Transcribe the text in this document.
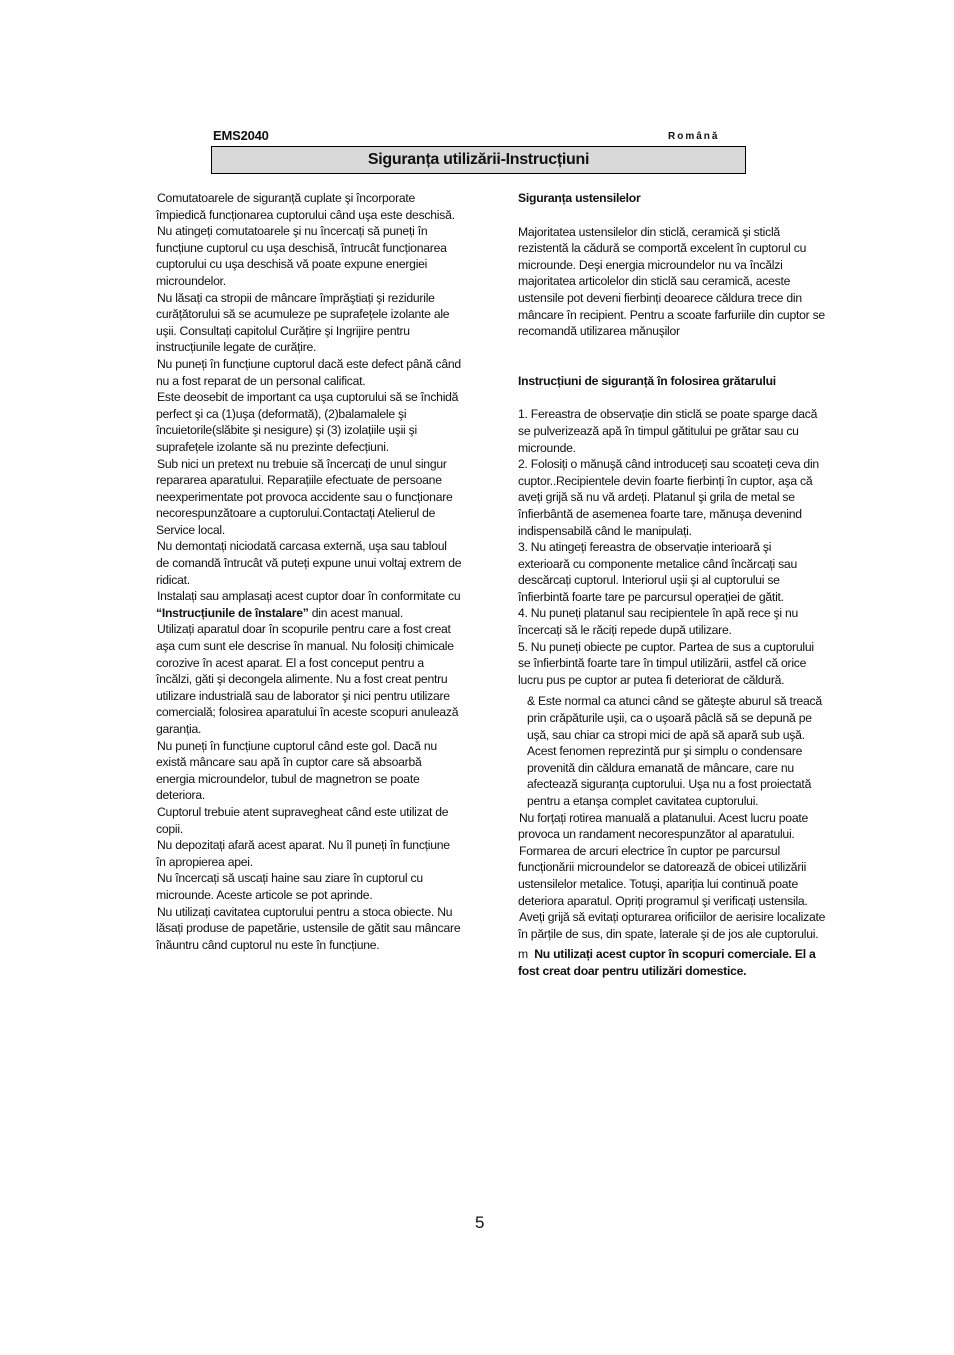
EMS2040	Română
Siguranța utilizării-Instrucțiuni

Comutatoarele de siguranță cuplate şi încorporate împiedică funcționarea cuptorului când uşa este deschisă.

Nu atingeți comutatoarele şi nu încercați să puneți în funcțiune cuptorul cu uşa deschisă, întrucât funcționarea cuptorului cu uşa deschisă vă poate expune energiei microundelor.

Nu lăsați ca stropii de mâncare împrăştiați şi rezidurile curățătorului să se acumuleze pe suprafețele izolante ale uşii. Consultați capitolul Curățire şi Ingrijire pentru instrucțiunile legate de curățire.

Nu puneți în funcțiune cuptorul dacă este defect până când nu a fost reparat de un personal calificat.

Este deosebit de important ca uşa cuptorului să se închidă perfect şi ca (1)uşa (deformată), (2)balamalele şi încuietorile(slăbite şi nesigure) şi (3) izolațiile uşii şi suprafețele izolante să nu prezinte defecțiuni.

Sub nici un pretext nu trebuie să încercați de unul singur repararea aparatului. Reparațiile efectuate de persoane neexperimentate pot provoca accidente sau o funcționare necorespunzătoare a cuptorului.Contactați Atelierul de Service local.

Nu demontați niciodată carcasa externă, uşa sau tabloul de comandă întrucât vă puteți expune unui voltaj extrem de ridicat.

Instalați sau amplasați acest cuptor doar în conformitate cu
“Instrucțiunile de înstalare” din acest manual.

Utilizați aparatul doar în scopurile pentru care a fost creat aşa cum sunt ele descrise în manual. Nu folosiți chimicale corozive în acest aparat. El a fost conceput pentru a încălzi, găti şi decongela alimente. Nu a fost creat pentru utilizare industrială sau de laborator şi nici pentru utilizare comercială; folosirea aparatului în aceste scopuri anulează garanția.

Nu puneți în funcțiune cuptorul când este gol. Dacă nu există mâncare sau apă în cuptor care să absoarbă energia microundelor, tubul de magnetron se poate deteriora.

Cuptorul trebuie atent supravegheat când este utilizat de copii.

Nu depozitați afară acest aparat. Nu îl puneți în funcțiune în apropierea apei.

Nu încercați să uscați haine sau ziare în cuptorul cu microunde. Aceste articole se pot aprinde.

Nu utilizați cavitatea cuptorului pentru a stoca obiecte. Nu lăsați produse de papetărie, ustensile de gătit sau mâncare înăuntru când cuptorul nu este în funcțiune.

Siguranța ustensilelor

Majoritatea ustensilelor din sticlă, ceramică şi sticlă rezistentă la cădură se comportă excelent în cuptorul cu microunde. Deşi energia microundelor nu va încălzi majoritatea articolelor din sticlă sau ceramică, aceste ustensile pot deveni fierbinți deoarece căldura trece din mâncare în recipient. Pentru a scoate farfuriile din cuptor se recomandă utilizarea mănuşilor

Instrucțiuni de siguranță în folosirea grătarului

1. Fereastra de observație din sticlă se poate sparge dacă se pulverizează apă în timpul gătitului pe grătar sau cu microunde.

2. Folosiți o mănuşă când introduceți sau scoateți ceva din cuptor..Recipientele devin foarte fierbinți în cuptor, aşa că aveți grijă să nu vă ardeți. Platanul şi grila de metal se înfierbântă de asemenea foarte tare, mănuşa devenind indispensabilă când le manipulați.

3. Nu atingeți fereastra de observație interioară şi exterioară cu componente metalice când încărcați sau descărcați cuptorul. Interiorul uşii şi al cuptorului se înfierbintă foarte tare pe parcursul operației de gătit.

4. Nu puneți platanul sau recipientele în apă rece şi nu încercați să le răciți repede după utilizare.

5. Nu puneți obiecte pe cuptor. Partea de sus a cuptorului se înfierbintă foarte tare în timpul utilizării, astfel că orice lucru pus pe cuptor ar putea fi deteriorat de căldură.

& Este normal ca atunci când se găteşte aburul să treacă prin crăpăturile uşii, ca o uşoară pâclă să se depună pe uşă, sau chiar ca stropi mici de apă să apară sub uşă. Acest fenomen reprezintă pur şi simplu o condensare provenită din căldura emanată de mâncare, care nu afectează siguranța cuptorului. Uşa nu a fost proiectată pentru a etanşa complet cavitatea cuptorului.

Nu forțați rotirea manuală a platanului. Acest lucru poate provoca un randament necorespunzător al aparatului.

Formarea de arcuri electrice în cuptor pe parcursul funcționării microundelor se datorează de obicei utilizării ustensilelor metalice. Totuşi, apariția lui continuă poate deteriora aparatul. Opriți programul şi verificați ustensila.

Aveți grijă să evitați opturarea orificiilor de aerisire localizate în părțile de sus, din spate, laterale şi de jos ale cuptorului.

m Nu utilizați acest cuptor în scopuri comerciale. El a fost creat doar pentru utilizări domestice.

5
